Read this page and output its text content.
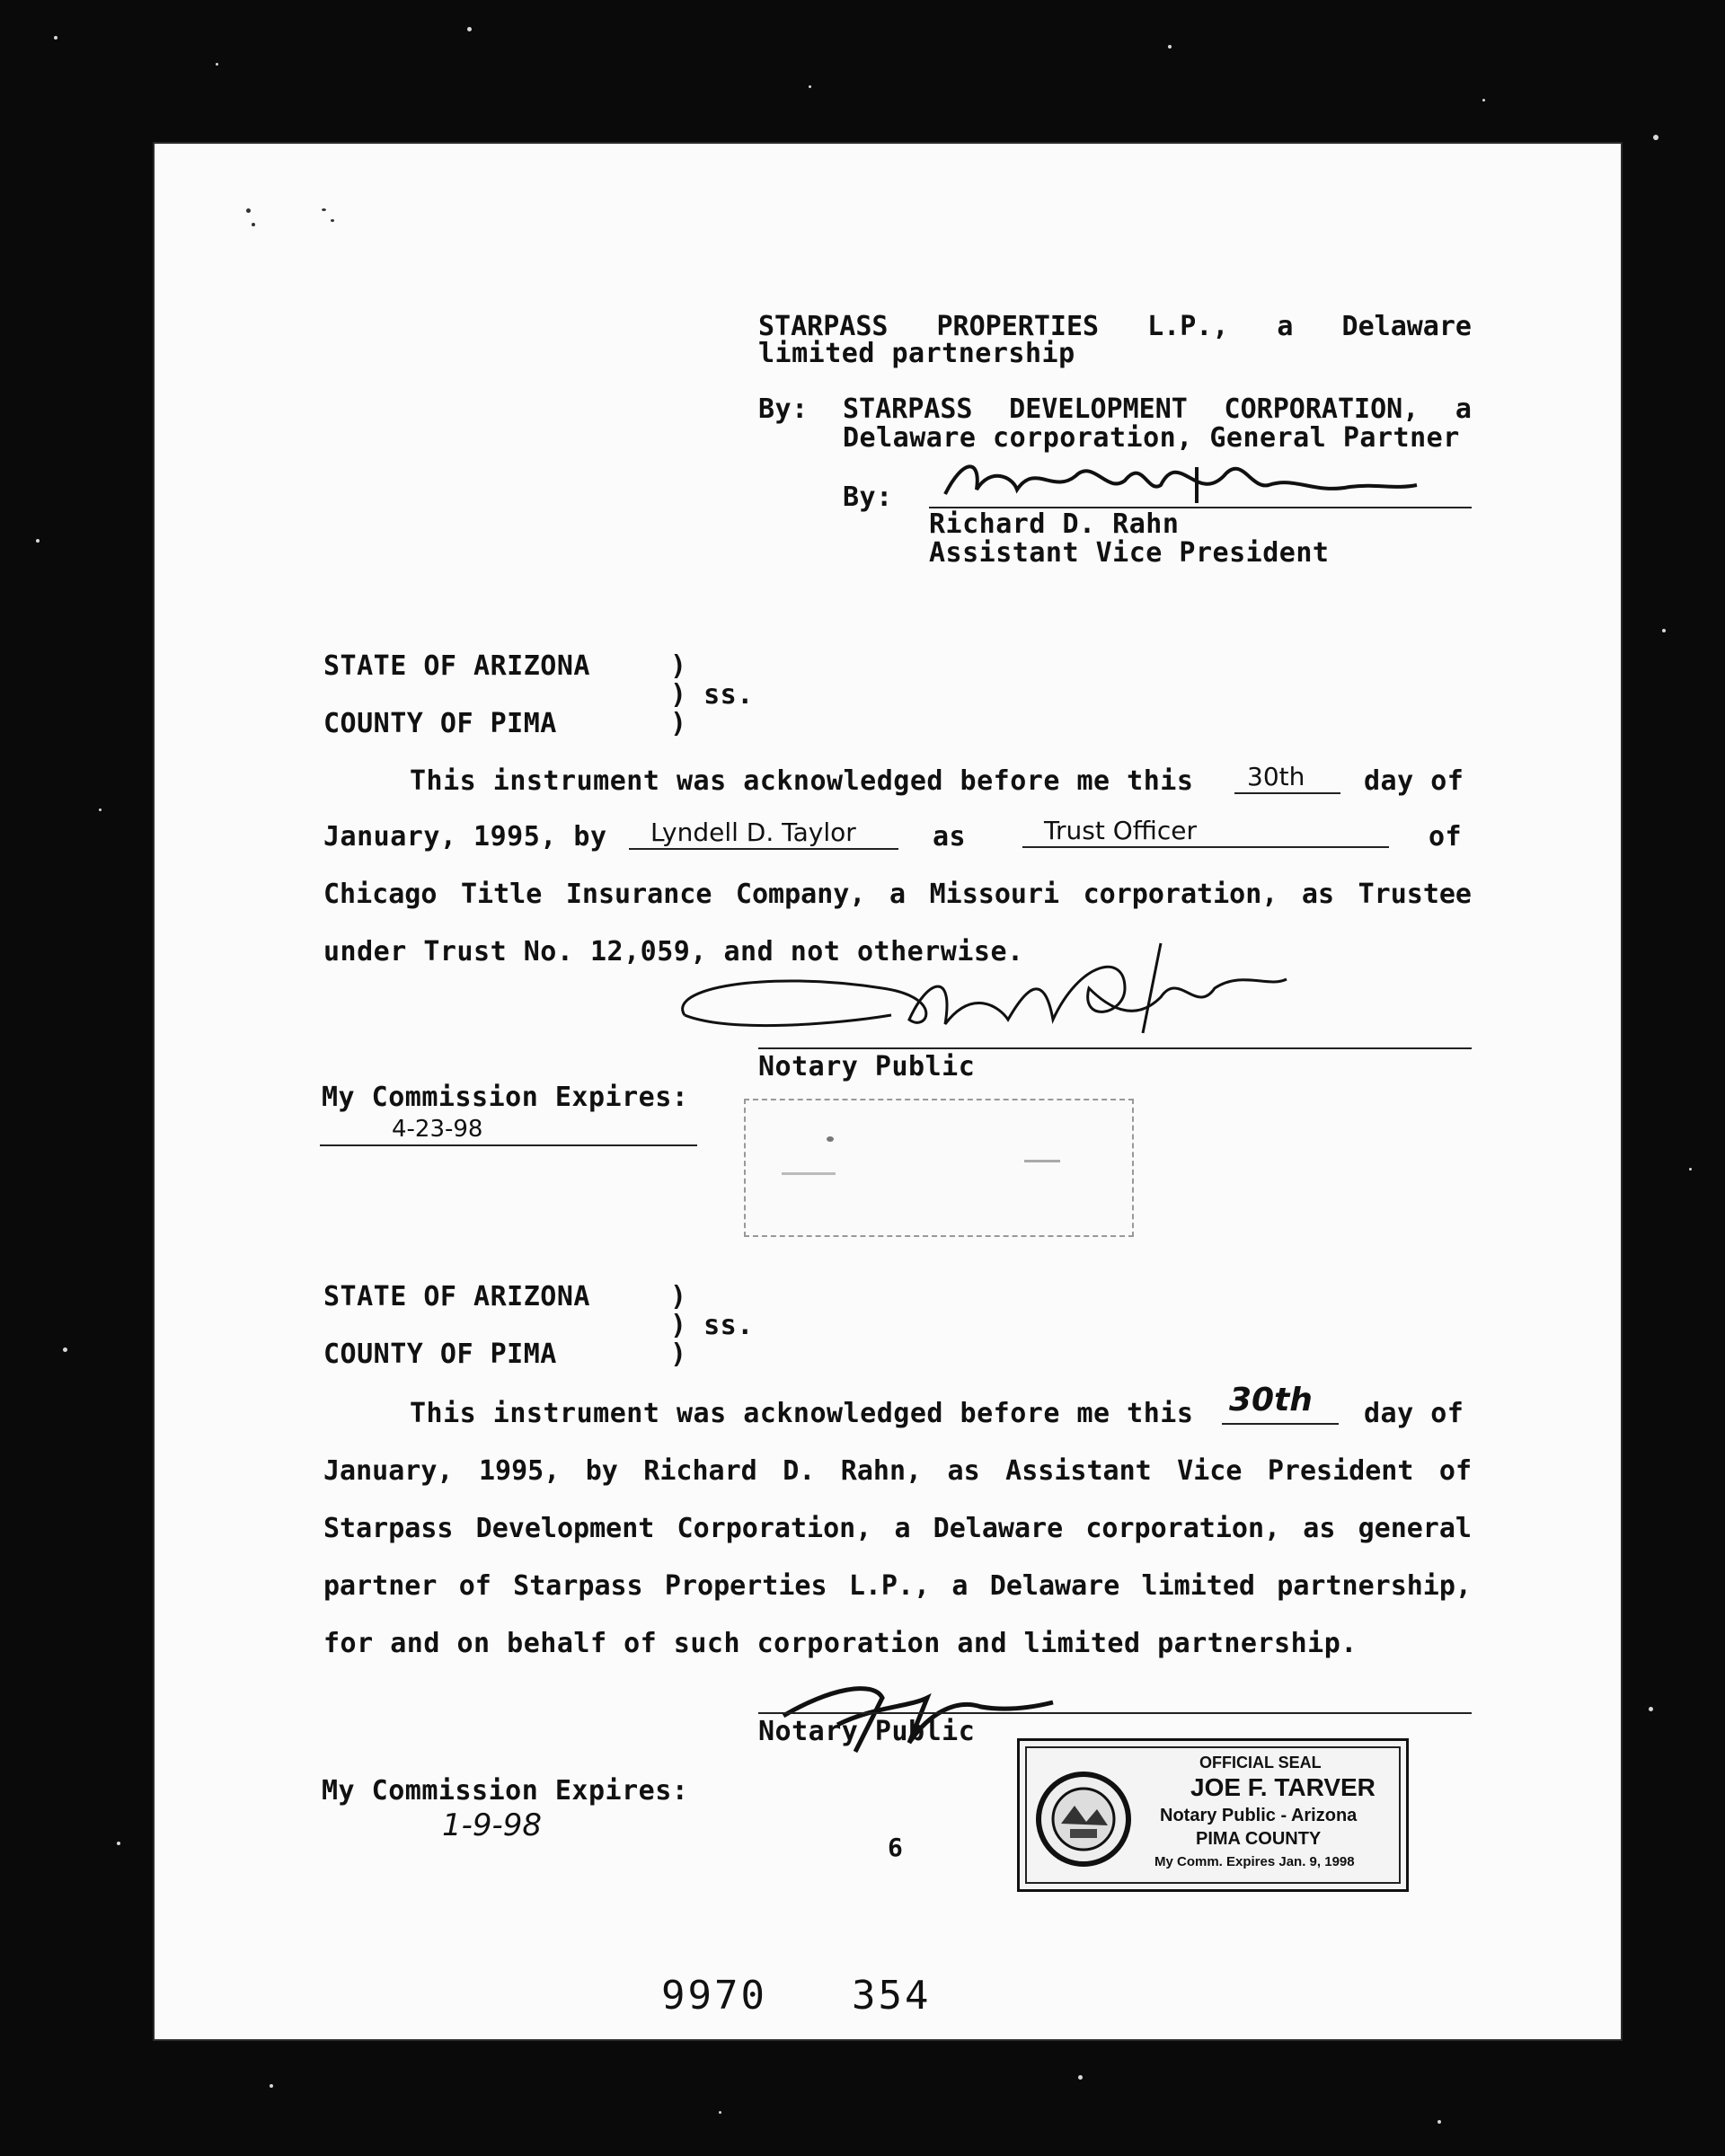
STARPASS PROPERTIES L.P., a Delaware
limited partnership
By: STARPASS DEVELOPMENT CORPORATION, a
Delaware corporation, General Partner
By:
Richard D. Rahn
Assistant Vice President
STATE OF ARIZONA	)
) ss.
COUNTY OF PIMA	)
This instrument was acknowledged before me this 30th day of
January, 1995, by Lyndell D. Taylor	as	Trust Officer	of
Chicago Title Insurance Company, a Missouri corporation, as Trustee
under Trust No. 12,059, and not otherwise.
Notary Public
My Commission Expires:
4-23-98
STATE OF ARIZONA	)
) ss.
COUNTY OF PIMA	)
This instrument was acknowledged before me this 30th day of
January, 1995, by Richard D. Rahn, as Assistant Vice President of
Starpass Development Corporation, a Delaware corporation, as general
partner of Starpass Properties L.P., a Delaware limited partnership,
for and on behalf of such corporation and limited partnership.
Notary Public
My Commission Expires:
1-9-98
OFFICIAL SEAL
JOE F. TARVER
Notary Public - Arizona
PIMA COUNTY
My Comm. Expires Jan. 9, 1998
6
9970 354
